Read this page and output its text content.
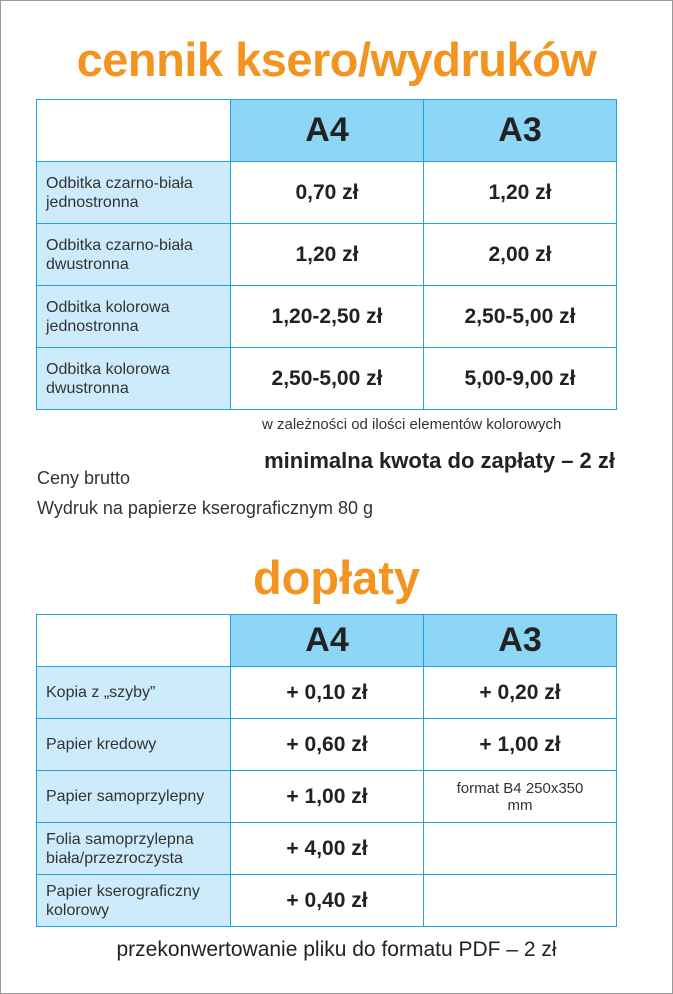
cennik ksero/wydruków
	A4	A3
Odbitka czarno-biała
jednostronna	0,70 zł	1,20 zł
Odbitka czarno-biała
dwustronna	1,20 zł	2,00 zł
Odbitka kolorowa
jednostronna	1,20-2,50 zł	2,50-5,00 zł
Odbitka kolorowa
dwustronna	2,50-5,00 zł	5,00-9,00 zł
w zależności od ilości elementów kolorowych
minimalna kwota do zapłaty – 2 zł
Ceny brutto
Wydruk na papierze kserograficznym 80 g
dopłaty
	A4	A3
Kopia z „szyby”	+ 0,10 zł	+ 0,20 zł
Papier kredowy	+ 0,60 zł	+ 1,00 zł
Papier samoprzylepny	+ 1,00 zł	format B4 250x350
mm
Folia samoprzylepna
biała/przezroczysta	+ 4,00 zł	
Papier kserograficzny
kolorowy	+ 0,40 zł	
przekonwertowanie pliku do formatu PDF – 2 zł
